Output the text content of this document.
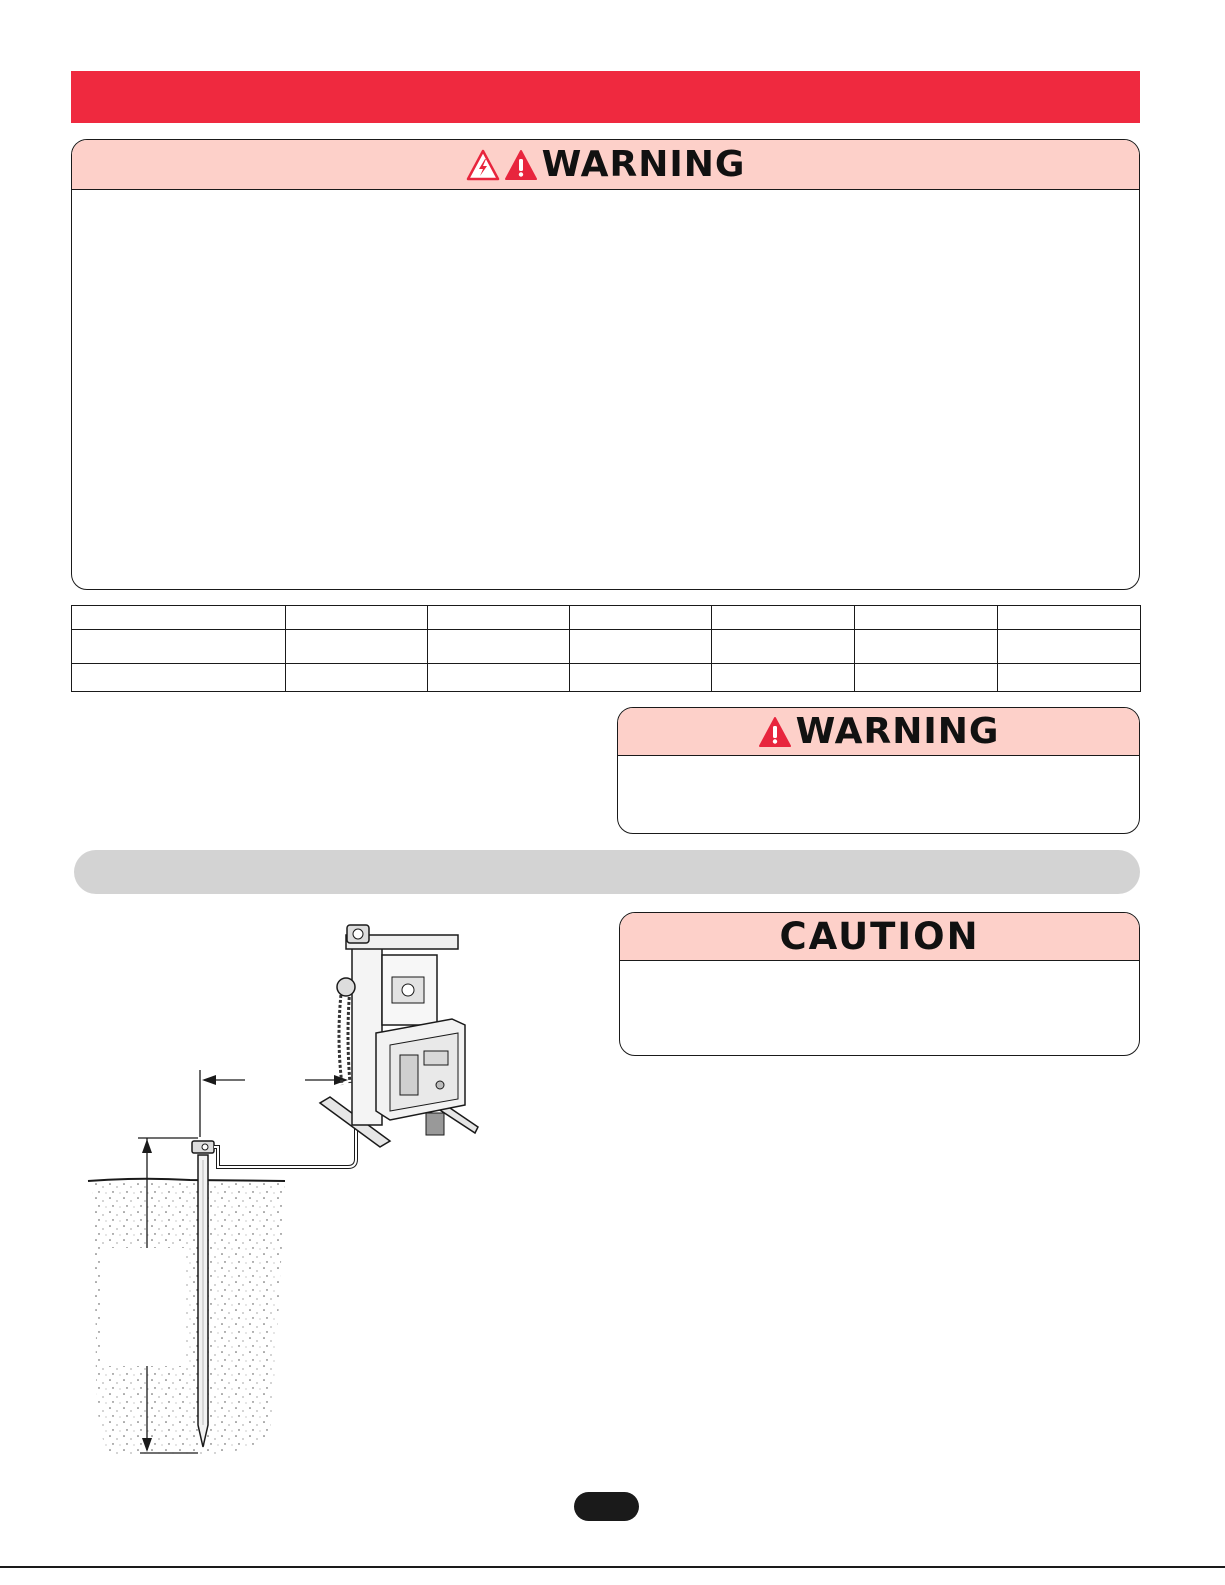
WARNING

WARNING
CAUTION
